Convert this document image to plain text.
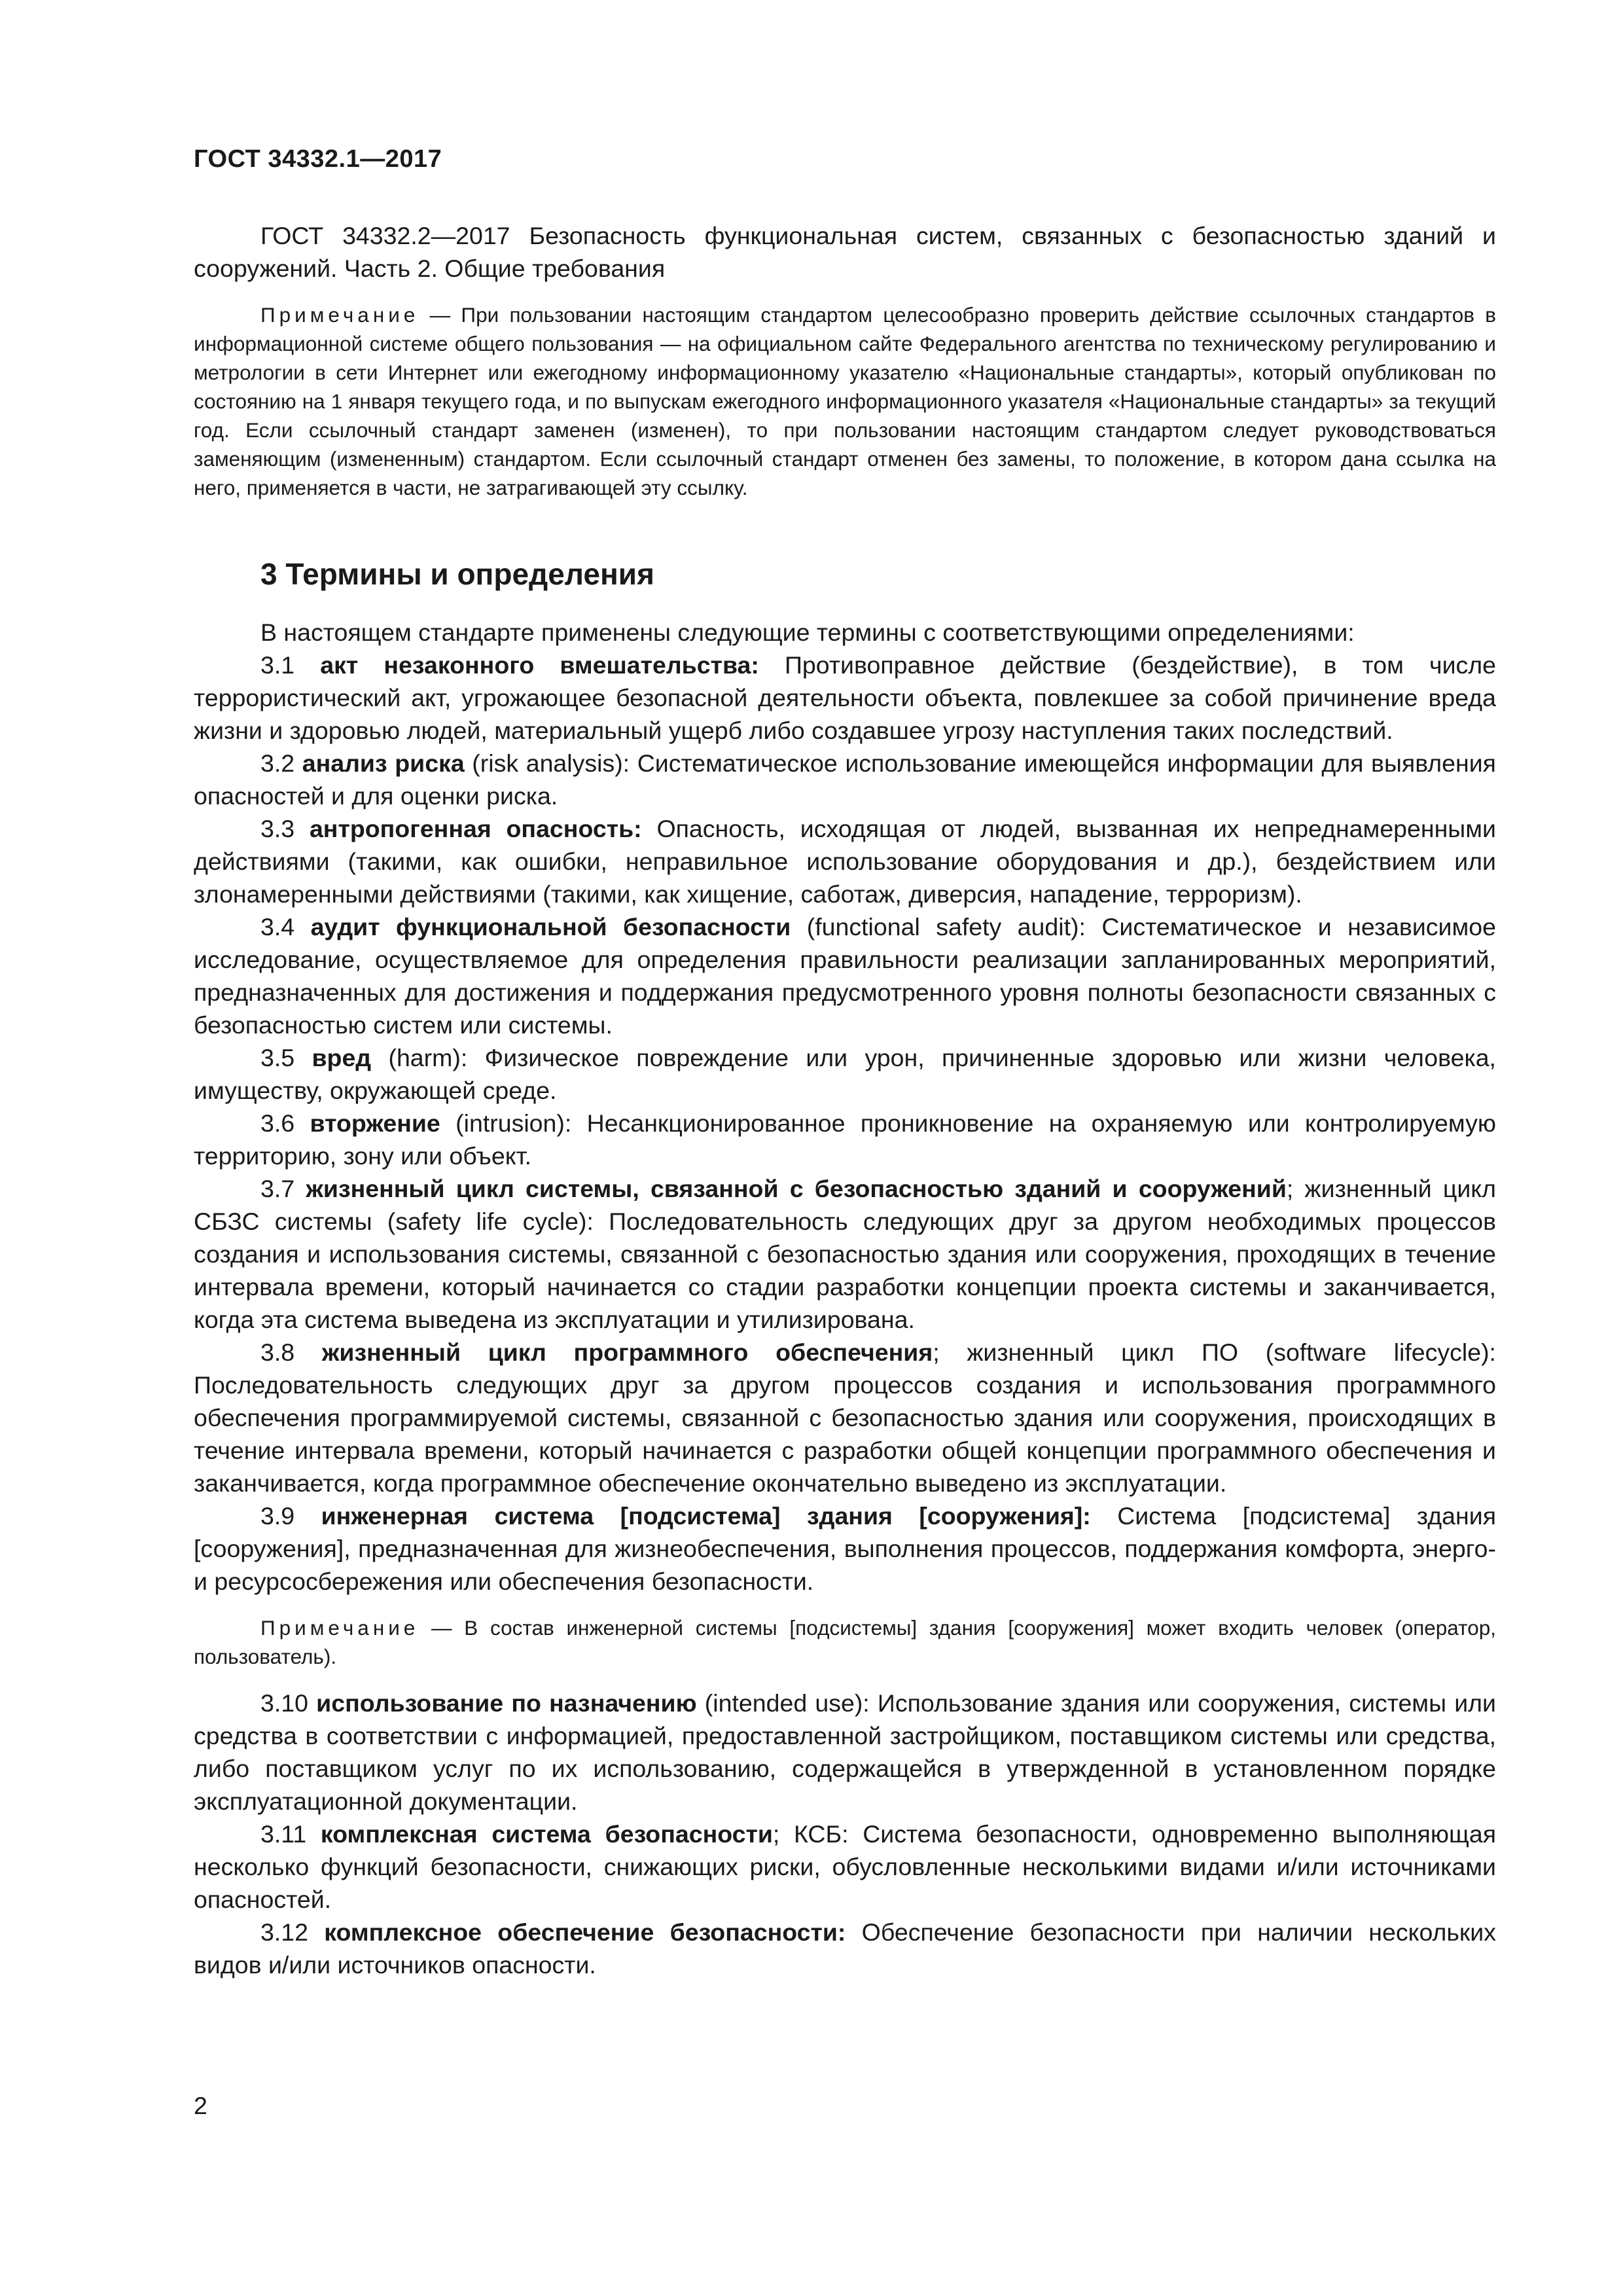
ГОСТ 34332.1—2017

ГОСТ 34332.2—2017 Безопасность функциональная систем, связанных с безопасностью зданий и сооружений. Часть 2. Общие требования

Примечание — При пользовании настоящим стандартом целесообразно проверить действие ссылочных стандартов в информационной системе общего пользования — на официальном сайте Федерального агентства по техническому регулированию и метрологии в сети Интернет или ежегодному информационному указателю «Национальные стандарты», который опубликован по состоянию на 1 января текущего года, и по выпускам ежегодного информационного указателя «Национальные стандарты» за текущий год. Если ссылочный стандарт заменен (изменен), то при пользовании настоящим стандартом следует руководствоваться заменяющим (измененным) стандартом. Если ссылочный стандарт отменен без замены, то положение, в котором дана ссылка на него, применяется в части, не затрагивающей эту ссылку.

3 Термины и определения

В настоящем стандарте применены следующие термины с соответствующими определениями:

3.1 акт незаконного вмешательства: Противоправное действие (бездействие), в том числе террористический акт, угрожающее безопасной деятельности объекта, повлекшее за собой причинение вреда жизни и здоровью людей, материальный ущерб либо создавшее угрозу наступления таких последствий.

3.2 анализ риска (risk analysis): Систематическое использование имеющейся информации для выявления опасностей и для оценки риска.

3.3 антропогенная опасность: Опасность, исходящая от людей, вызванная их непреднамеренными действиями (такими, как ошибки, неправильное использование оборудования и др.), бездействием или злонамеренными действиями (такими, как хищение, саботаж, диверсия, нападение, терроризм).

3.4 аудит функциональной безопасности (functional safety audit): Систематическое и независимое исследование, осуществляемое для определения правильности реализации запланированных мероприятий, предназначенных для достижения и поддержания предусмотренного уровня полноты безопасности связанных с безопасностью систем или системы.

3.5 вред (harm): Физическое повреждение или урон, причиненные здоровью или жизни человека, имуществу, окружающей среде.

3.6 вторжение (intrusion): Несанкционированное проникновение на охраняемую или контролируемую территорию, зону или объект.

3.7 жизненный цикл системы, связанной с безопасностью зданий и сооружений; жизненный цикл СБЗС системы (safety life cycle): Последовательность следующих друг за другом необходимых процессов создания и использования системы, связанной с безопасностью здания или сооружения, проходящих в течение интервала времени, который начинается со стадии разработки концепции проекта системы и заканчивается, когда эта система выведена из эксплуатации и утилизирована.

3.8 жизненный цикл программного обеспечения; жизненный цикл ПО (software lifecycle): Последовательность следующих друг за другом процессов создания и использования программного обеспечения программируемой системы, связанной с безопасностью здания или сооружения, происходящих в течение интервала времени, который начинается с разработки общей концепции программного обеспечения и заканчивается, когда программное обеспечение окончательно выведено из эксплуатации.

3.9 инженерная система [подсистема] здания [сооружения]: Система [подсистема] здания [сооружения], предназначенная для жизнеобеспечения, выполнения процессов, поддержания комфорта, энерго- и ресурсосбережения или обеспечения безопасности.

Примечание — В состав инженерной системы [подсистемы] здания [сооружения] может входить человек (оператор, пользователь).

3.10 использование по назначению (intended use): Использование здания или сооружения, системы или средства в соответствии с информацией, предоставленной застройщиком, поставщиком системы или средства, либо поставщиком услуг по их использованию, содержащейся в утвержденной в установленном порядке эксплуатационной документации.

3.11 комплексная система безопасности; КСБ: Система безопасности, одновременно выполняющая несколько функций безопасности, снижающих риски, обусловленные несколькими видами и/или источниками опасностей.

3.12 комплексное обеспечение безопасности: Обеспечение безопасности при наличии нескольких видов и/или источников опасности.

2
